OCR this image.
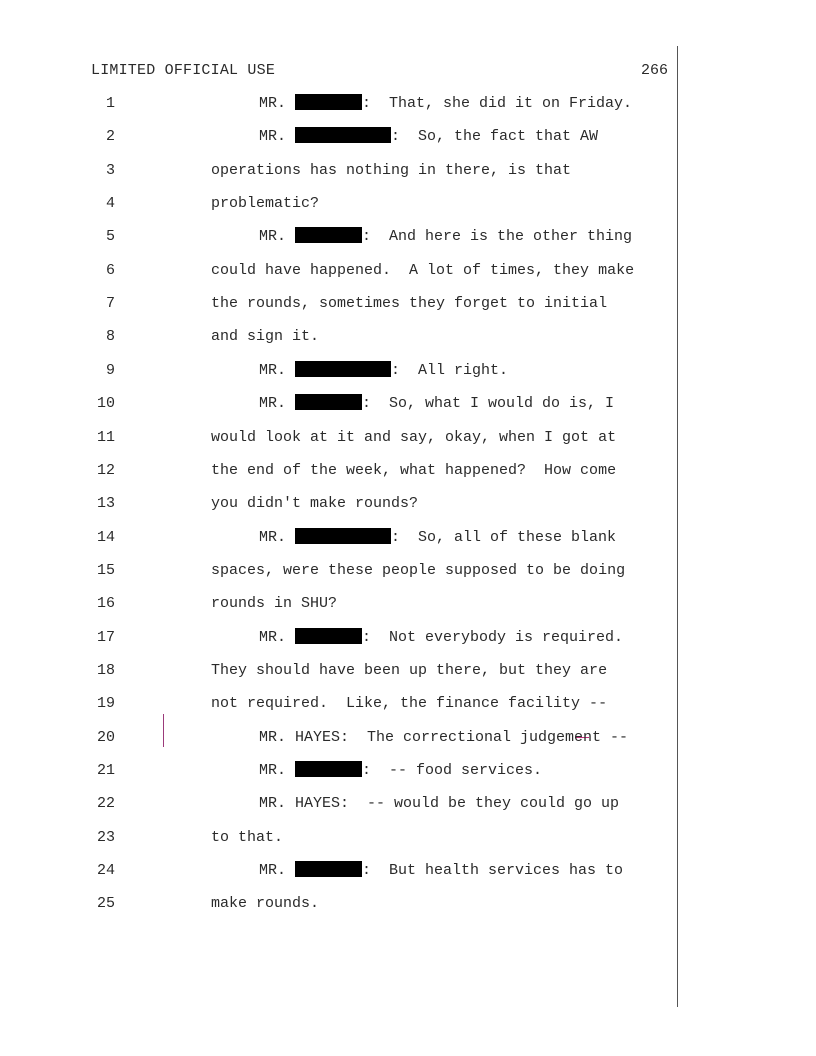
LIMITED OFFICIAL USE	266
1	MR.	:  That, she did it on Friday.
2	MR.	:  So, the fact that AW
3	operations has nothing in there, is that
4	problematic?
5	MR.	:  And here is the other thing
6	could have happened.  A lot of times, they make
7	the rounds, sometimes they forget to initial
8	and sign it.
9	MR.	:  All right.
10	MR.	:  So, what I would do is, I
11	would look at it and say, okay, when I got at
12	the end of the week, what happened?  How come
13	you didn't make rounds?
14	MR.	:  So, all of these blank
15	spaces, were these people supposed to be doing
16	rounds in SHU?
17	MR.	:  Not everybody is required.
18	They should have been up there, but they are
19	not required.  Like, the finance facility --
20	MR. HAYES:  The correctional judgement --
21	MR.	:  -- food services.
22	MR. HAYES:  -- would be they could go up
23	to that.
24	MR.	:  But health services has to
25	make rounds.
